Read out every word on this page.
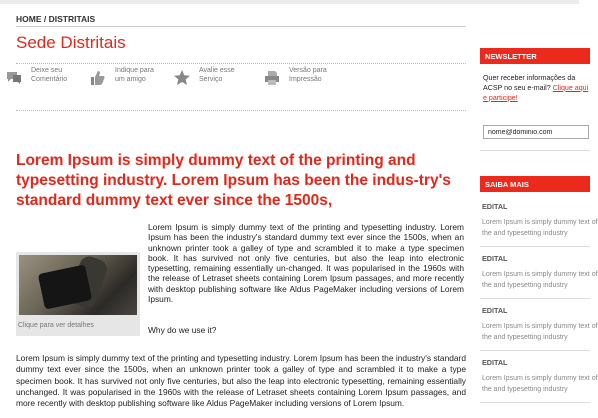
HOME / DISTRITAIS
Sede Distritais
Deixe seu
Comentário
Indique para
um amigo
Avalie esse
Serviço
Versão para
Impressão
Lorem Ipsum is simply dummy text of the printing and typesetting industry. Lorem Ipsum has been the indus-try's standard dummy text ever since the 1500s,
Clique para ver detalhes
Lorem Ipsum is simply dummy text of the printing and typesetting industry. Lorem Ipsum has been the industry's standard dummy text ever since the 1500s, when an unknown printer took a galley of type and scrambled it to make a type specimen book. It has survived not only five centuries, but also the leap into electronic typesetting, remaining essentially un-changed. It was popularised in the 1960s with the release of Letraset sheets containing Lorem Ipsum passages, and more recently with desktop publishing software like Aldus PageMaker including versions of Lorem Ipsum.
Why do we use it?
Lorem Ipsum is simply dummy text of the printing and typesetting industry. Lorem Ipsum has been the industry's standard dummy text ever since the 1500s, when an unknown printer took a galley of type and scrambled it to make a type specimen book. It has survived not only five centuries, but also the leap into electronic typesetting, remaining essentially unchanged. It was popularised in the 1960s with the release of Letraset sheets containing Lorem Ipsum passages, and more recently with desktop publishing software like Aldus PageMaker including versions of Lorem Ipsum.
NEWSLETTER
Quer receber informações da ACSP no seu e-mail? Clique aqui e participe!
nome@dominio.com
SAIBA MAIS
EDITAL
Lorem Ipsum is simply dummy text of
the and typesetting industry
EDITAL
Lorem Ipsum is simply dummy text of
the and typesetting industry
EDITAL
Lorem Ipsum is simply dummy text of
the and typesetting industry
EDITAL
Lorem Ipsum is simply dummy text of
the and typesetting industry
